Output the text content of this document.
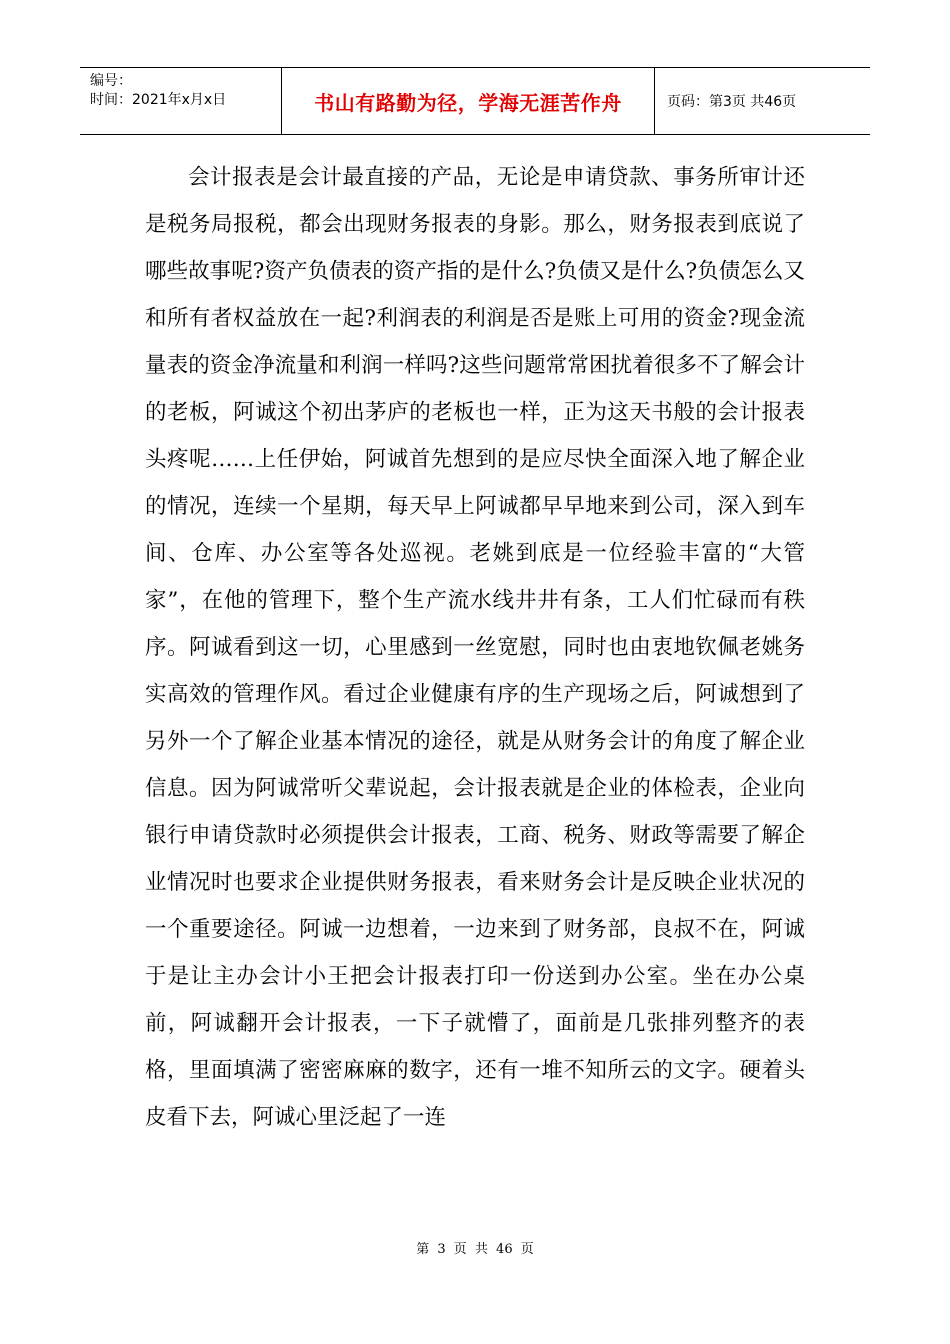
编号：
时间：2021年x月x日	书山有路勤为径，学海无涯苦作舟	页码：第3页 共46页

会计报表是会计最直接的产品，无论是申请贷款、事务所审计还是税务局报税，都会出现财务报表的身影。那么，财务报表到底说了哪些故事呢?资产负债表的资产指的是什么?负债又是什么?负债怎么又和所有者权益放在一起?利润表的利润是否是账上可用的资金?现金流量表的资金净流量和利润一样吗?这些问题常常困扰着很多不了解会计的老板，阿诚这个初出茅庐的老板也一样，正为这天书般的会计报表头疼呢……上任伊始，阿诚首先想到的是应尽快全面深入地了解企业的情况，连续一个星期，每天早上阿诚都早早地来到公司，深入到车间、仓库、办公室等各处巡视。老姚到底是一位经验丰富的“大管家”，在他的管理下，整个生产流水线井井有条，工人们忙碌而有秩序。阿诚看到这一切，心里感到一丝宽慰，同时也由衷地钦佩老姚务实高效的管理作风。看过企业健康有序的生产现场之后，阿诚想到了另外一个了解企业基本情况的途径，就是从财务会计的角度了解企业信息。因为阿诚常听父辈说起，会计报表就是企业的体检表，企业向银行申请贷款时必须提供会计报表，工商、税务、财政等需要了解企业情况时也要求企业提供财务报表，看来财务会计是反映企业状况的一个重要途径。阿诚一边想着，一边来到了财务部，良叔不在，阿诚于是让主办会计小王把会计报表打印一份送到办公室。坐在办公桌前，阿诚翻开会计报表，一下子就懵了，面前是几张排列整齐的表格，里面填满了密密麻麻的数字，还有一堆不知所云的文字。硬着头皮看下去，阿诚心里泛起了一连

第 3 页 共 46 页
